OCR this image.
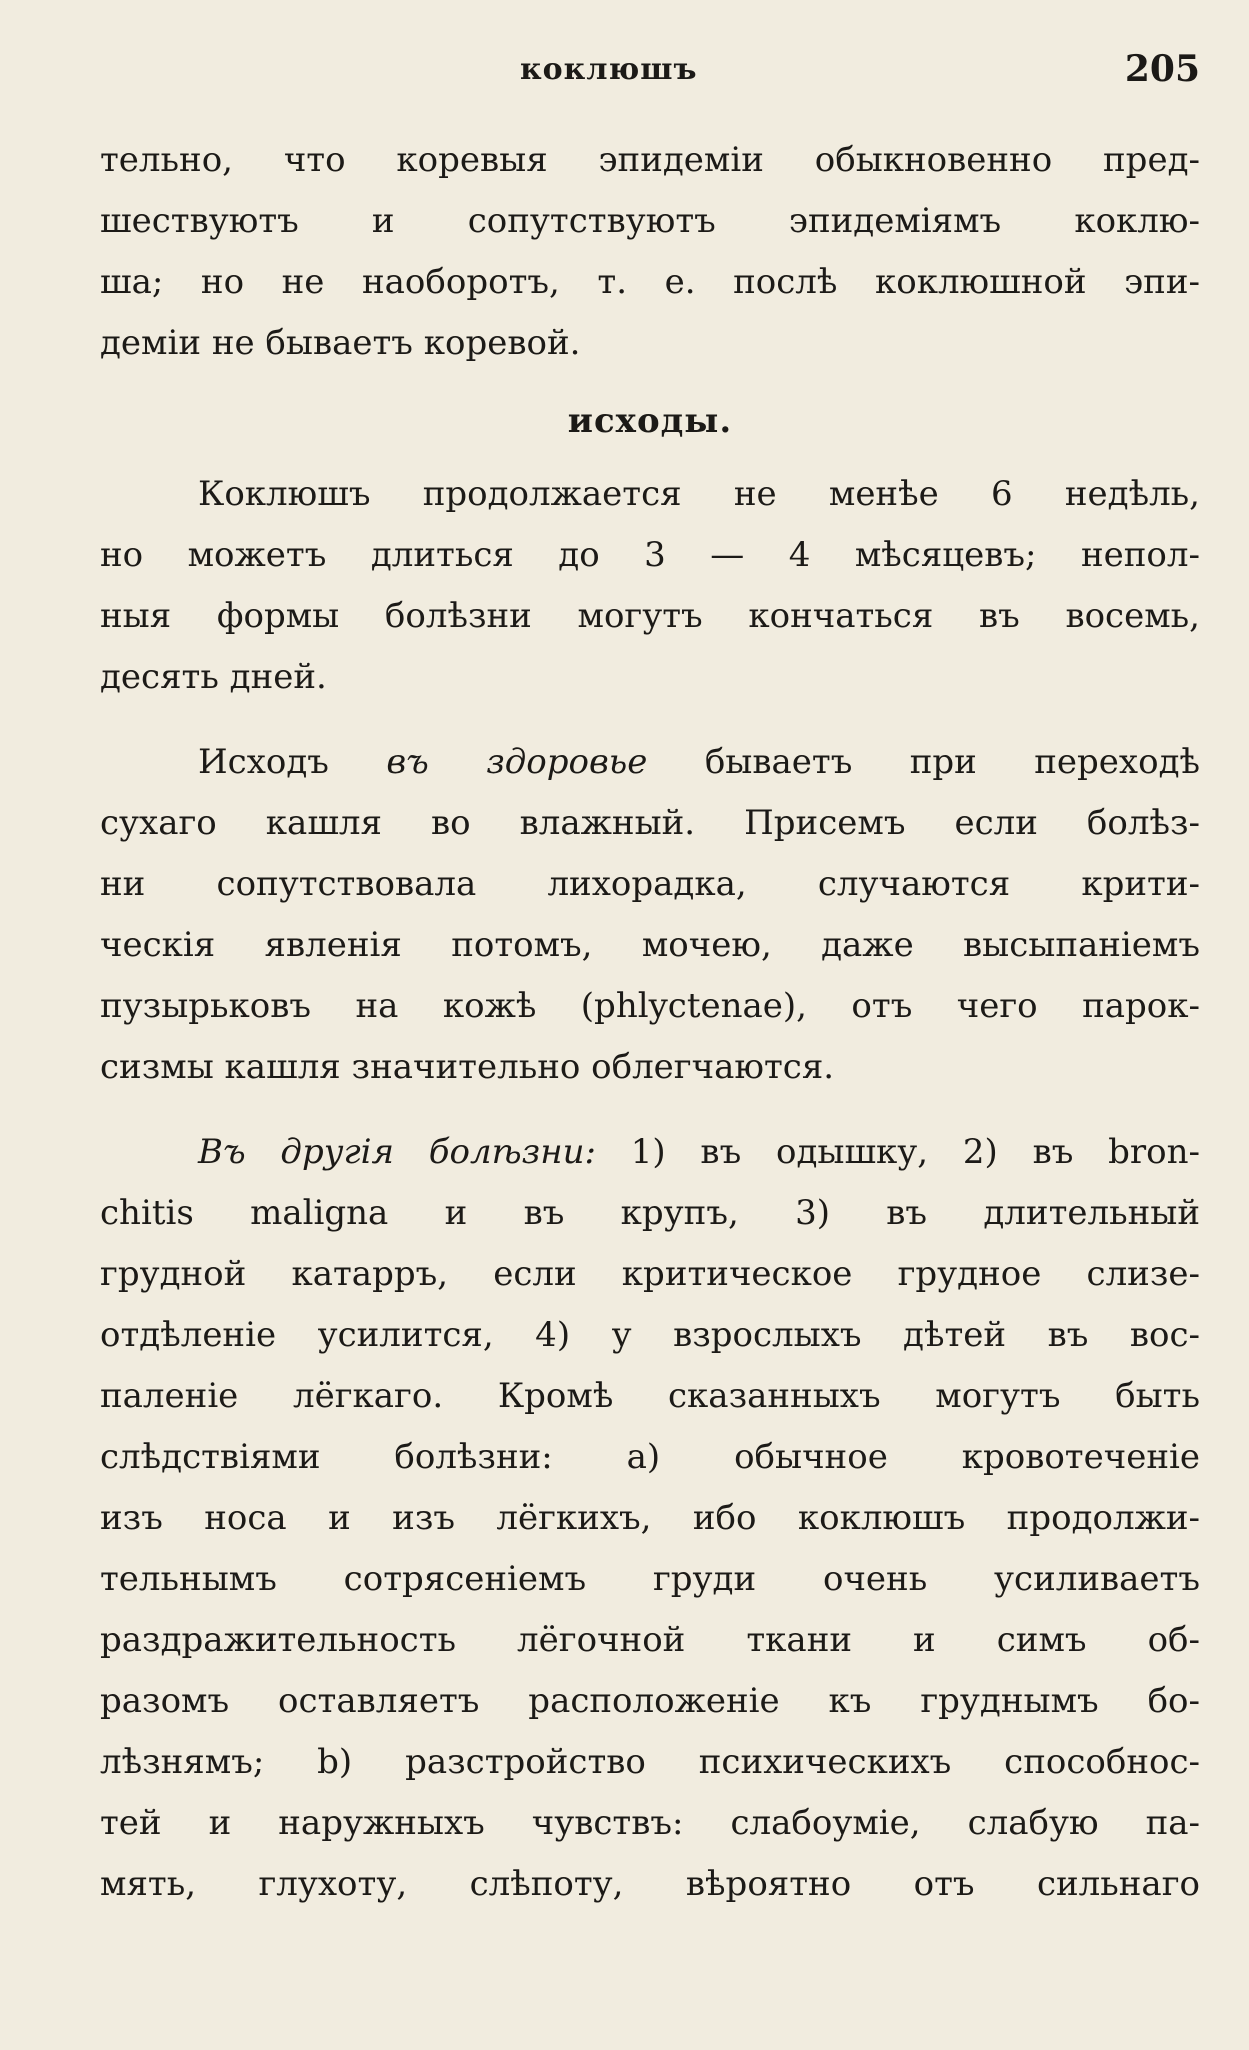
коклюшъ	205
тельно, что коревыя эпидеміи обыкновенно пред-
шествуютъ и сопутствуютъ эпидеміямъ коклю-
ша; но не наоборотъ, т. е. послѣ коклюшной эпи-
деміи не бываетъ коревой.
исходы.
Коклюшъ продолжается не менѣе 6 недѣль,
но можетъ длиться до 3 — 4 мѣсяцевъ; непол-
ныя формы болѣзни могутъ кончаться въ восемь,
десять дней.
Исходъ въ здоровье бываетъ при переходѣ
сухаго кашля во влажный. Присемъ если болѣз-
ни сопутствовала лихорадка, случаются крити-
ческія явленія потомъ, мочею, даже высыпаніемъ
пузырьковъ на кожѣ (phlyctenae), отъ чего парок-
сизмы кашля значительно облегчаются.
Въ другія болѣзни: 1) въ одышку, 2) въ bron-
chitis maligna и въ крупъ, 3) въ длительный
грудной катарръ, если критическое грудное слизе-
отдѣленіе усилится, 4) у взрослыхъ дѣтей въ вос-
паленіе лёгкаго. Кромѣ сказанныхъ могутъ быть
слѣдствіями болѣзни: а) обычное кровотеченіе
изъ носа и изъ лёгкихъ, ибо коклюшъ продолжи-
тельнымъ сотрясеніемъ груди очень усиливаетъ
раздражительность лёгочной ткани и симъ об-
разомъ оставляетъ расположеніе къ груднымъ бо-
лѣзнямъ; b) разстройство психическихъ способнос-
тей и наружныхъ чувствъ: слабоуміе, слабую па-
мять, глухоту, слѣпоту, вѣроятно отъ сильнаго
